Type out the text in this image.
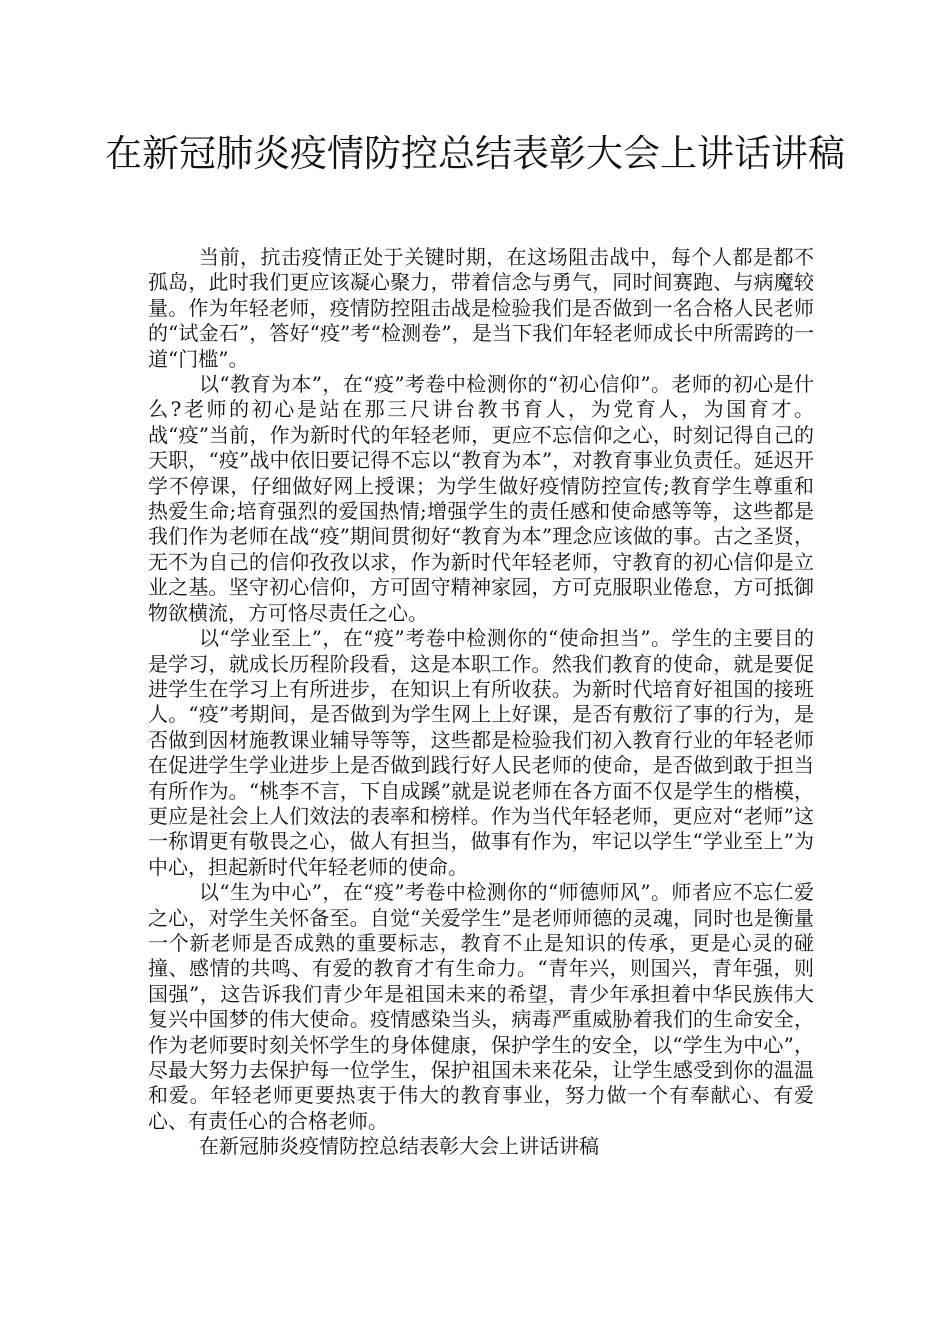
在新冠肺炎疫情防控总结表彰大会上讲话讲稿

当前，抗击疫情正处于关键时期，在这场阻击战中，每个人都是都不孤岛，此时我们更应该凝心聚力，带着信念与勇气，同时间赛跑、与病魔较量。作为年轻老师，疫情防控阻击战是检验我们是否做到一名合格人民老师的“试金石”，答好“疫”考“检测卷”，是当下我们年轻老师成长中所需跨的一道“门槛”。

以“教育为本”，在“疫”考卷中检测你的“初心信仰”。老师的初心是什么?老师的初心是站在那三尺讲台教书育人，为党育人，为国育才。战“疫”当前，作为新时代的年轻老师，更应不忘信仰之心，时刻记得自己的天职，“疫”战中依旧要记得不忘以“教育为本”，对教育事业负责任。延迟开学不停课，仔细做好网上授课；为学生做好疫情防控宣传;教育学生尊重和热爱生命;培育强烈的爱国热情;增强学生的责任感和使命感等等，这些都是我们作为老师在战“疫”期间贯彻好“教育为本”理念应该做的事。古之圣贤，无不为自己的信仰孜孜以求，作为新时代年轻老师，守教育的初心信仰是立业之基。坚守初心信仰，方可固守精神家园，方可克服职业倦怠，方可抵御物欲横流，方可恪尽责任之心。

以“学业至上”，在“疫”考卷中检测你的“使命担当”。学生的主要目的是学习，就成长历程阶段看，这是本职工作。然我们教育的使命，就是要促进学生在学习上有所进步，在知识上有所收获。为新时代培育好祖国的接班人。“疫”考期间，是否做到为学生网上上好课，是否有敷衍了事的行为，是否做到因材施教课业辅导等等，这些都是检验我们初入教育行业的年轻老师在促进学生学业进步上是否做到践行好人民老师的使命，是否做到敢于担当有所作为。“桃李不言，下自成蹊”就是说老师在各方面不仅是学生的楷模，更应是社会上人们效法的表率和榜样。作为当代年轻老师，更应对“老师”这一称谓更有敬畏之心，做人有担当，做事有作为，牢记以学生“学业至上”为中心，担起新时代年轻老师的使命。

以“生为中心”，在“疫”考卷中检测你的“师德师风”。师者应不忘仁爱之心，对学生关怀备至。自觉“关爱学生”是老师师德的灵魂，同时也是衡量一个新老师是否成熟的重要标志，教育不止是知识的传承，更是心灵的碰撞、感情的共鸣、有爱的教育才有生命力。“青年兴，则国兴，青年强，则国强”，这告诉我们青少年是祖国未来的希望，青少年承担着中华民族伟大复兴中国梦的伟大使命。疫情感染当头，病毒严重威胁着我们的生命安全，作为老师要时刻关怀学生的身体健康，保护学生的安全，以“学生为中心”，尽最大努力去保护每一位学生，保护祖国未来花朵，让学生感受到你的温温和爱。年轻老师更要热衷于伟大的教育事业，努力做一个有奉献心、有爱心、有责任心的合格老师。

在新冠肺炎疫情防控总结表彰大会上讲话讲稿
